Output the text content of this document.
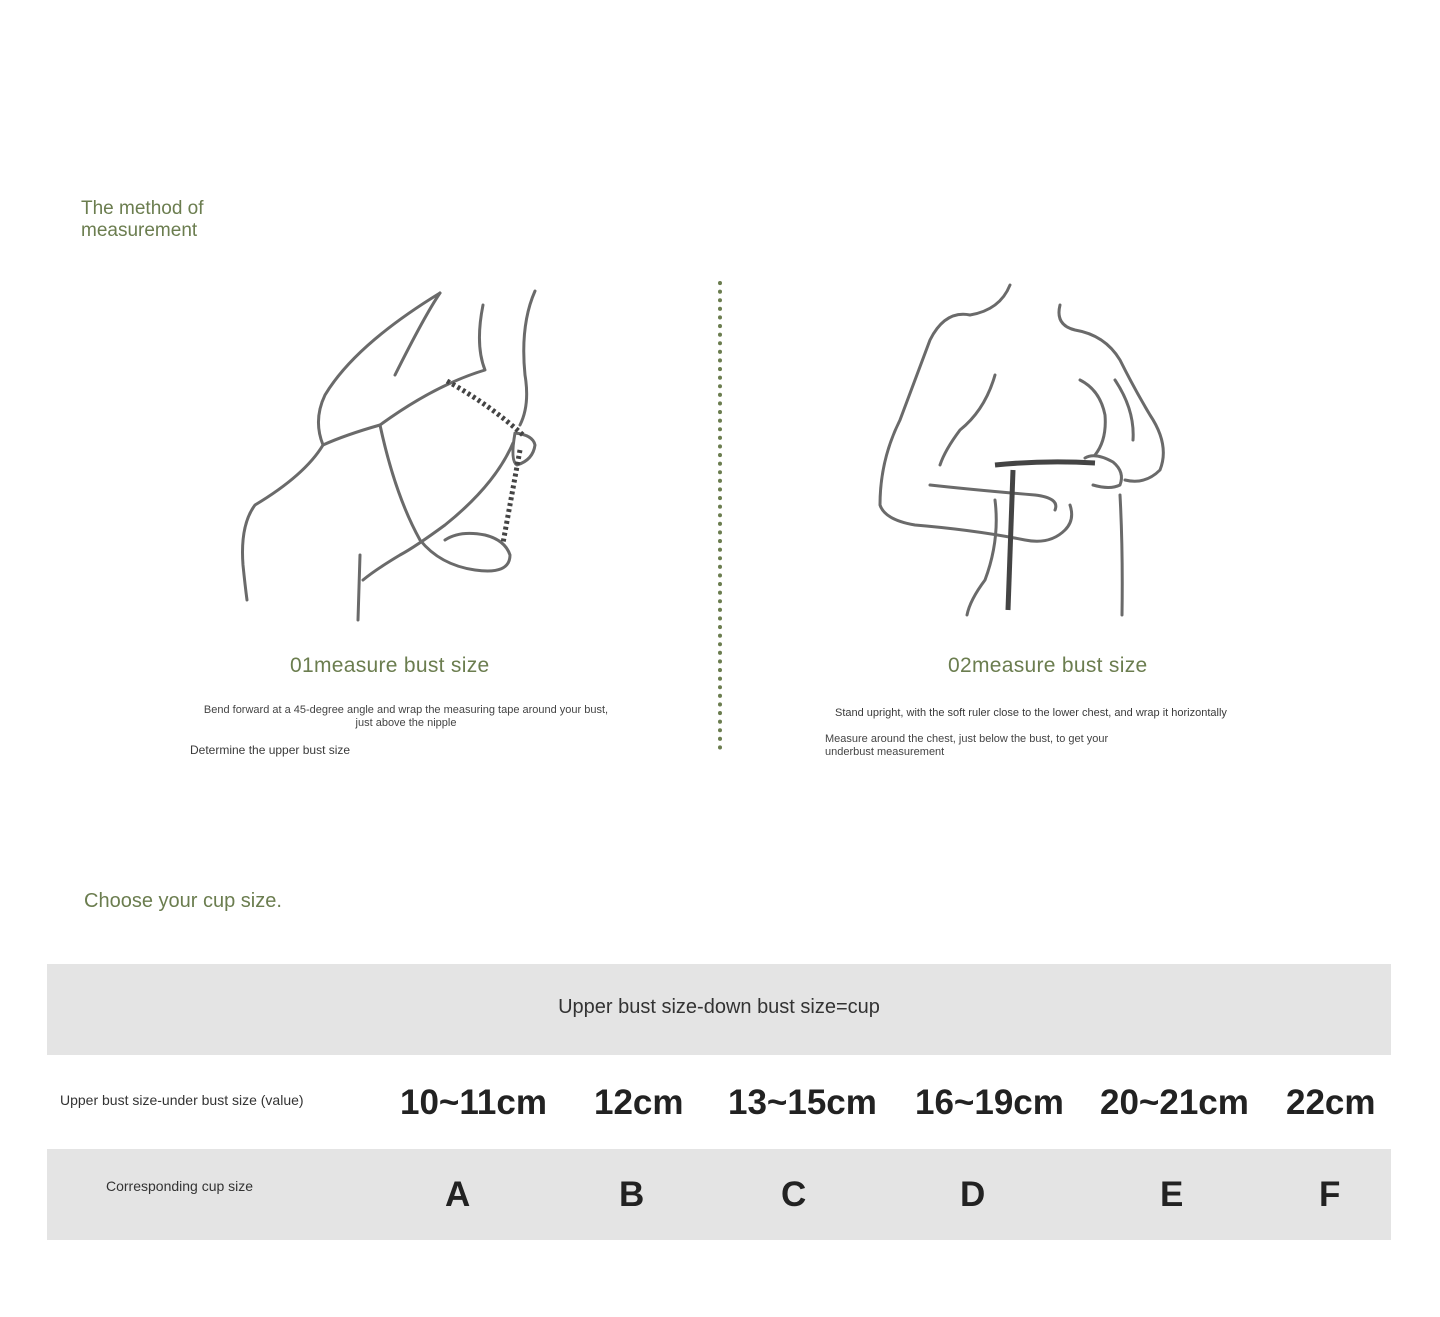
The method of measurement
01measure bust size
Bend forward at a 45-degree angle and wrap the measuring tape around your bust, just above the nipple
Determine the upper bust size
02measure bust size
Stand upright, with the soft ruler close to the lower chest, and wrap it horizontally
Measure around the chest, just below the bust, to get your underbust measurement
Choose your cup size.
Upper bust size-down bust size=cup
Upper bust size-under bust size (value)	10~11cm 12cm 13~15cm 16~19cm 20~21cm 22cm
Corresponding cup size	A	B	C	D	E	F
